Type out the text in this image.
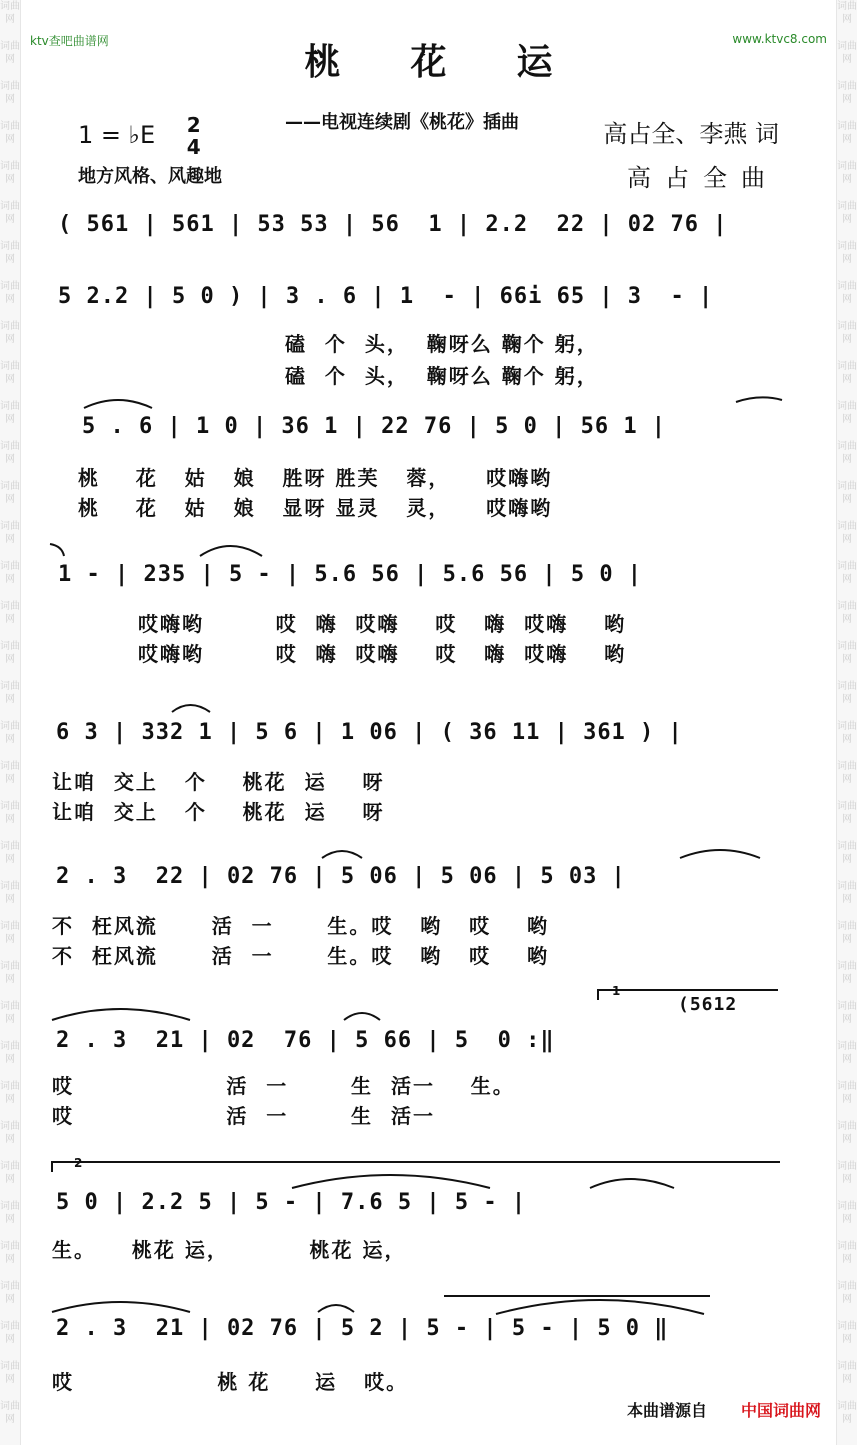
词曲网
词曲网
词曲网
词曲网
词曲网
词曲网
词曲网
词曲网
词曲网
词曲网
词曲网
词曲网
词曲网
词曲网
词曲网
词曲网
词曲网
词曲网
词曲网
词曲网
词曲网
词曲网
词曲网
词曲网
词曲网
词曲网
词曲网
词曲网
词曲网
词曲网
词曲网
词曲网
词曲网
词曲网
词曲网
词曲网
词曲网
词曲网
词曲网
词曲网
词曲网
词曲网
词曲网
词曲网
词曲网
词曲网
词曲网
词曲网
词曲网
词曲网
词曲网
词曲网
词曲网
词曲网
词曲网
词曲网
词曲网
词曲网
词曲网
词曲网
词曲网
词曲网
词曲网
词曲网
词曲网
词曲网
词曲网
词曲网
词曲网
词曲网
词曲网
词曲网
ktv查吧曲谱网	www.ktvc8.com
桃花运
——电视连续剧《桃花》插曲
1 = ♭E 2
4
地方风格、风趣地
高占全、李燕 词
高占全曲
( 561 | 561 | 53 53 | 56  1 | 2.2  22 | 02 76 |
5 2.2 | 5 0 ) | 3 . 6 | 1  - | 66i 65 | 3  - |
磕  个  头，  鞠呀么 鞠个 躬，
磕  个  头，  鞠呀么 鞠个 躬，
5 . 6 | 1 0 | 36 1 | 22 76 | 5 0 | 56 1 |
桃    花   姑   娘   胜呀 胜芙   蓉，    哎嗨哟
桃    花   姑   娘   显呀 显灵   灵，    哎嗨哟
1 - | 235 | 5 - | 5.6 56 | 5.6 56 | 5 0 |
哎嗨哟        哎  嗨  哎嗨    哎   嗨  哎嗨    哟
哎嗨哟        哎  嗨  哎嗨    哎   嗨  哎嗨    哟
6 3 | 332 1 | 5 6 | 1 06 | ( 36 11 | 361 ) |
让咱  交上   个    桃花  运    呀
让咱  交上   个    桃花  运    呀
2 . 3  22 | 02 76 | 5 06 | 5 06 | 5 03 |
不  枉风流      活  一      生。哎   哟   哎    哟
不  枉风流      活  一      生。哎   哟   哎    哟
2 . 3  21 | 02  76 | 5 66 | 5  0 :‖
哎                 活  一       生  活一    生。
哎                 活  一       生  活一
(5612
1
5 0 | 2.2 5 | 5 - | 7.6 5 | 5 - |
生。    桃花 运，         桃花 运，
2
2 . 3  21 | 02 76 | 5 2 | 5 - | 5 - | 5 0 ‖
哎                桃 花     运   哎。
本曲谱源自 中国词曲网
